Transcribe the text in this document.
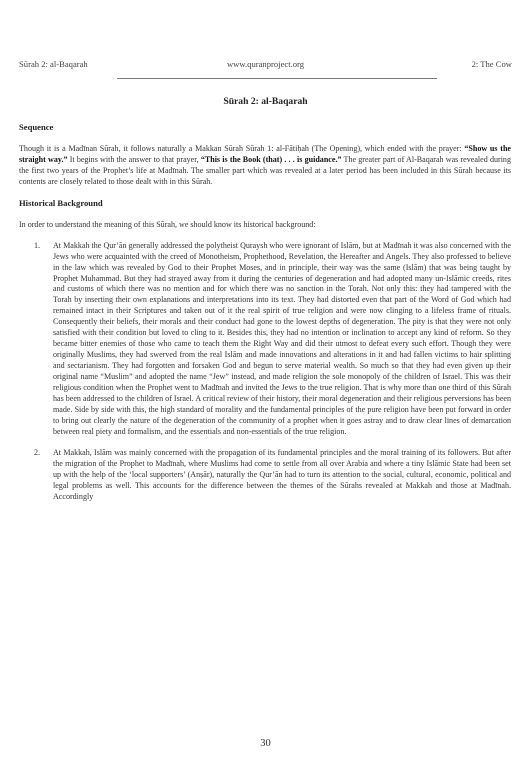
Sūrah 2: al-Baqarah	www.quranproject.org	2: The Cow
Sūrah 2: al-Baqarah
Sequence

Though it is a Madīnan Sūrah, it follows naturally a Makkan Sūrah Sūrah 1: al-Fātiḥah (The Opening), which ended with the prayer: “Show us the straight way.” It begins with the answer to that prayer, “This is the Book (that) . . . is guidance.” The greater part of Al-Baqarah was revealed during the first two years of the Prophet’s life at Madīnah. The smaller part which was revealed at a later period has been included in this Sūrah because its contents are closely related to those dealt with in this Sūrah.

Historical Background

In order to understand the meaning of this Sūrah, we should know its historical background:

1. At Makkah the Qur’ān generally addressed the polytheist Quraysh who were ignorant of Islām, but at Madīnah it was also concerned with the Jews who were acquainted with the creed of Monotheism, Prophethood, Revelation, the Hereafter and Angels. They also professed to believe in the law which was revealed by God to their Prophet Moses, and in principle, their way was the same (Islām) that was being taught by Prophet Muhammad. But they had strayed away from it during the centuries of degeneration and had adopted many un-Islāmic creeds, rites and customs of which there was no mention and for which there was no sanction in the Torah. Not only this: they had tampered with the Torah by inserting their own explanations and interpretations into its text. They had distorted even that part of the Word of God which had remained intact in their Scriptures and taken out of it the real spirit of true religion and were now clinging to a lifeless frame of rituals. Consequently their beliefs, their morals and their conduct had gone to the lowest depths of degeneration. The pity is that they were not only satisfied with their condition but loved to cling to it. Besides this, they had no intention or inclination to accept any kind of reform. So they became bitter enemies of those who came to teach them the Right Way and did their utmost to defeat every such effort. Though they were originally Muslims, they had swerved from the real Islām and made innovations and alterations in it and had fallen victims to hair splitting and sectarianism. They had forgotten and forsaken God and begun to serve material wealth. So much so that they had even given up their original name “Muslim” and adopted the name “Jew” instead, and made religion the sole monopoly of the children of Israel. This was their religious condition when the Prophet went to Madīnah and invited the Jews to the true religion. That is why more than one third of this Sūrah has been addressed to the children of Israel. A critical review of their history, their moral degeneration and their religious perversions has been made. Side by side with this, the high standard of morality and the fundamental principles of the pure religion have been put forward in order to bring out clearly the nature of the degeneration of the community of a prophet when it goes astray and to draw clear lines of demarcation between real piety and formalism, and the essentials and non-essentials of the true religion.
2. At Makkah, Islām was mainly concerned with the propagation of its fundamental principles and the moral training of its followers. But after the migration of the Prophet to Madīnah, where Muslims had come to settle from all over Arabia and where a tiny Islāmic State had been set up with the help of the ‘local supporters’ (Anṣār), naturally the Qur’ān had to turn its attention to the social, cultural, economic, political and legal problems as well. This accounts for the difference between the themes of the Sūrahs revealed at Makkah and those at Madīnah. Accordingly
30
